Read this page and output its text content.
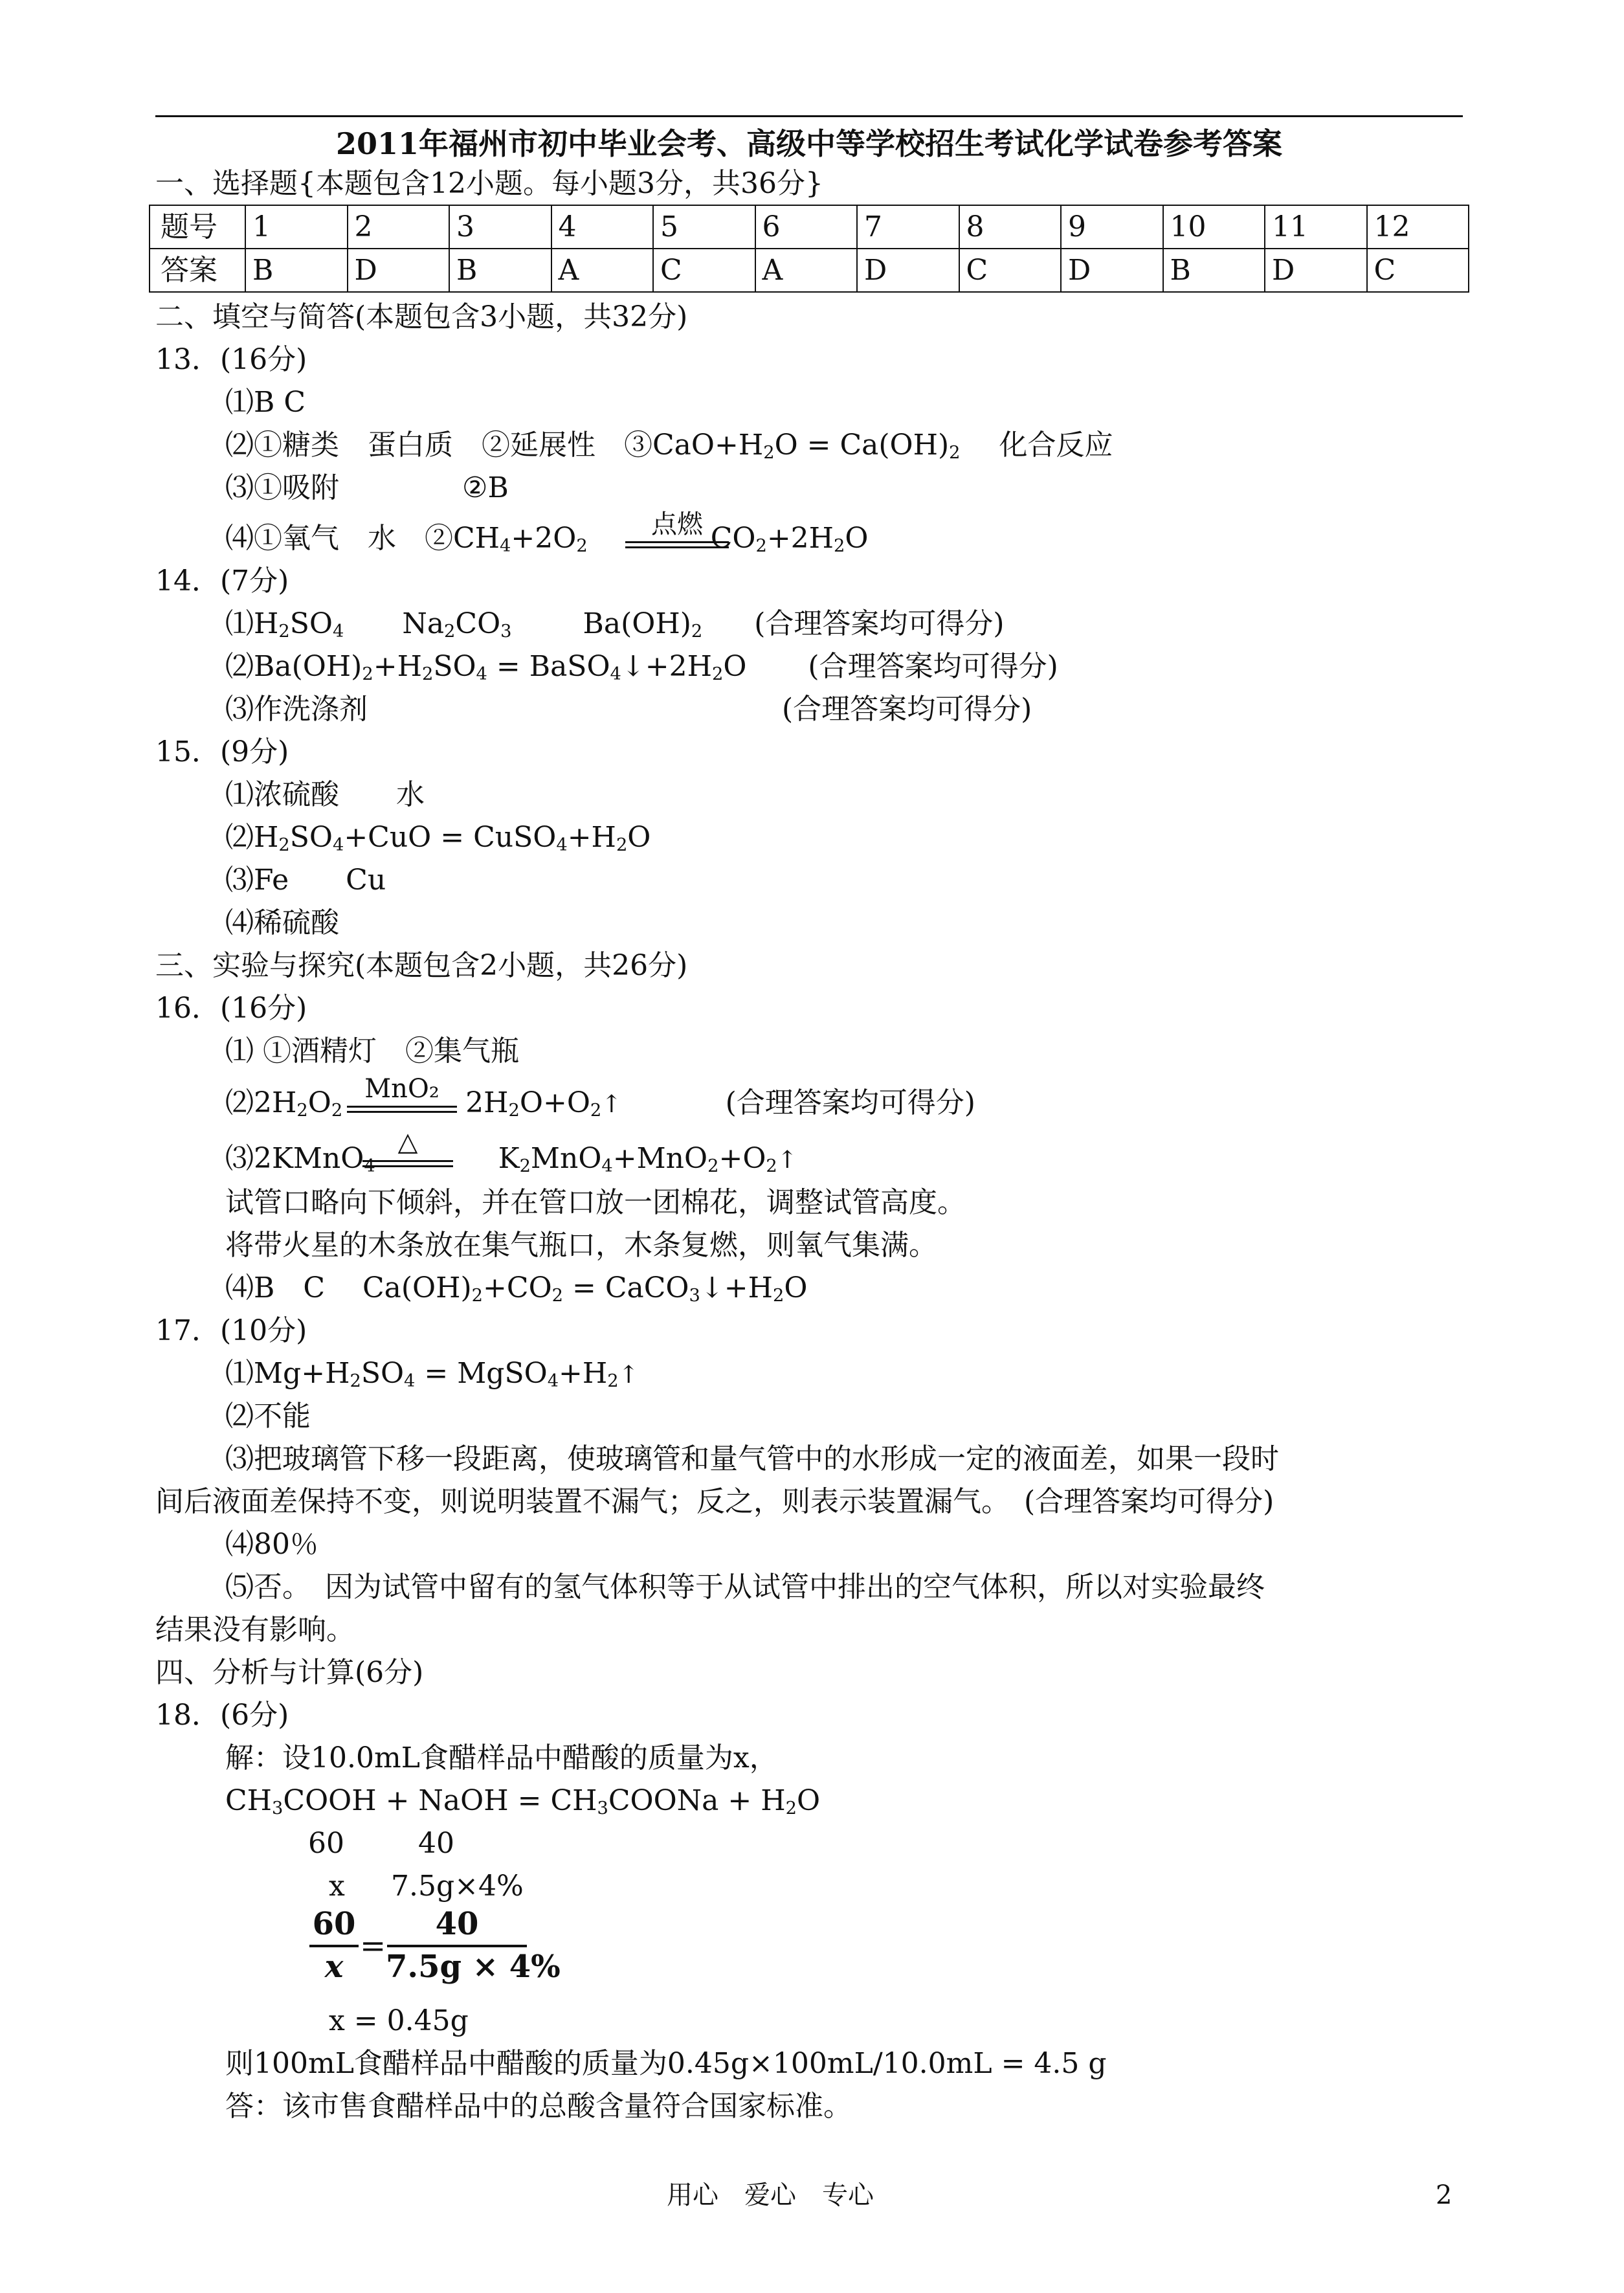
2011年福州市初中毕业会考、高级中等学校招生考试化学试卷参考答案
一、选择题{本题包含12小题。每小题3分，共36分}
题号	1	2	3	4	5	6	7	8	9	10	11	12
答案	B	D	B	A	C	A	D	C	D	B	D	C
二、填空与简答(本题包含3小题，共32分)
13．(16分)
⑴B C
⑵①糖类　蛋白质　②延展性　$③CaO+H_2O = Ca(OH)_2$ 化合反应
⑶①吸附	②B
⑷①氧气　水　$②CH_4+2O_2$	$CO_2+2H_2O$
点燃
14．(7分)
$⑴H_2SO_4$ $Na_2CO_3$	$Ba(OH)_2$ (合理答案均可得分)
$⑵Ba(OH)_2+H_2SO_4$ = $BaSO_4↓+2H_2O$ (合理答案均可得分)
⑶作洗涤剂	(合理答案均可得分)
15．(9分)
⑴浓硫酸　　水
$⑵H_2SO_4+CuO$ = $CuSO_4+H_2O$
⑶Fe　　Cu
⑷稀硫酸
三、实验与探究(本题包含2小题，共26分)
16．(16分)
⑴ ①酒精灯　②集气瓶
$⑵2H_2O_2$	$2H_2O+O_2↑$	(合理答案均可得分)
MnO₂
⑶2KMnO$_4$	$K_2MnO_4+MnO_2+O_2↑$
△
试管口略向下倾斜，并在管口放一团棉花，调整试管高度。
将带火星的木条放在集气瓶口，木条复燃，则氧气集满。
⑷B　C　 $Ca(OH)_2+CO_2$ = $CaCO_3↓+H_2O$
17．(10分)
$⑴Mg+H_2SO_4$ = $MgSO_4+H_2↑$
⑵不能
⑶把玻璃管下移一段距离，使玻璃管和量气管中的水形成一定的液面差，如果一段时
间后液面差保持不变，则说明装置不漏气；反之，则表示装置漏气。　(合理答案均可得分)
⑷80％
⑸否。　因为试管中留有的氢气体积等于从试管中排出的空气体积，所以对实验最终
结果没有影响。
四、分析与计算(6分)
18．(6分)
解：设10.0mL食醋样品中醋酸的质量为x，
$CH_3COOH$ + NaOH = $CH_3COONa + H_2O$
60	40
x 7.5g×4%
60
x
=
40
7.5g × 4%
x = 0.45g
则100mL食醋样品中醋酸的质量为0.45g×100mL/10.0mL = 4.5 g
答：该市售食醋样品中的总酸含量符合国家标准。
用心　爱心　专心	2
